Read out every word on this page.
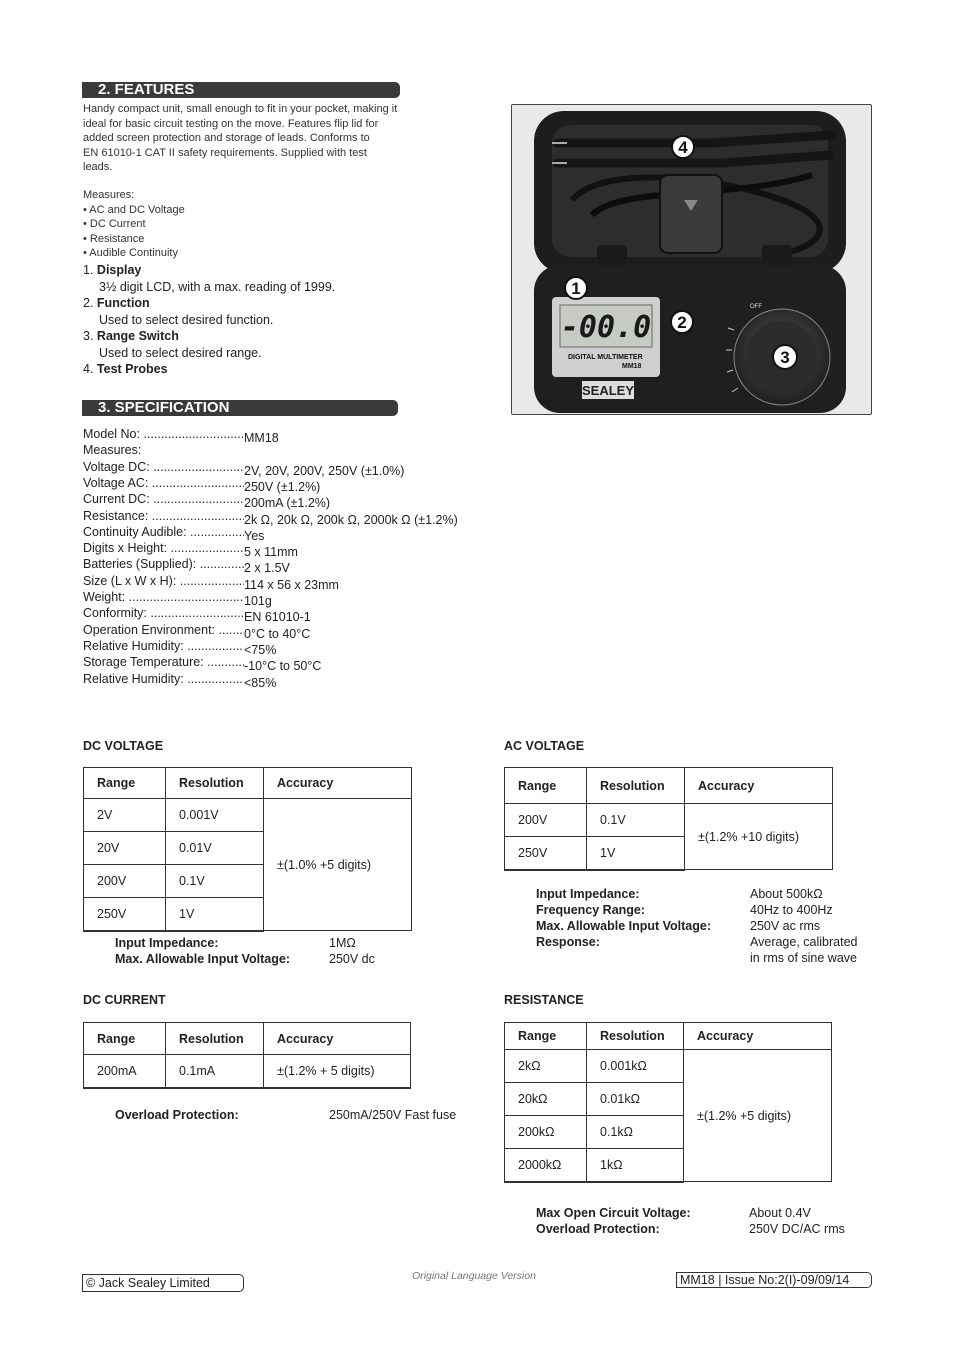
2. FEATURES
Handy compact unit, small enough to fit in your pocket, making it
ideal for basic circuit testing on the move. Features flip lid for
added screen protection and storage of leads. Conforms to
EN 61010-1 CAT II safety requirements. Supplied with test
leads.
Measures:
• AC and DC Voltage
• DC Current
• Resistance
• Audible Continuity
1. Display
3½ digit LCD, with a max. reading of 1999.
2. Function
Used to select desired function.
3. Range Switch
Used to select desired range.
4. Test Probes
-00.0
DIGITAL MULTIMETER
MM18
SEALEY
OFF
1
2
3
4
3. SPECIFICATION
Model No: .....	MM18
Measures:
Voltage DC: .....	2V, 20V, 200V, 250V (±1.0%)
Voltage AC: .....	250V (±1.2%)
Current DC: .....	200mA (±1.2%)
Resistance: .....	2k Ω, 20k Ω, 200k Ω, 2000k Ω (±1.2%)
Continuity Audible: .....	Yes
Digits x Height: .....	5 x 11mm
Batteries (Supplied): .....	2 x 1.5V
Size (L x W x H): .....	114 x 56 x 23mm
Weight: .....	101g
Conformity: .....	EN 61010-1
Operation Environment: ..... 0°C to 40°C
Relative Humidity: .....	<75%
Storage Temperature: .....	-10°C to 50°C
Relative Humidity: .....	<85%
DC VOLTAGE
Range	Resolution	Accuracy
2V	0.001V	±(1.0% +5 digits)
20V	0.01V	
200V	0.1V	
250V	1V	
Input Impedance:	1MΩ
Max. Allowable Input Voltage:	250V dc
AC VOLTAGE
Range	Resolution	Accuracy
200V	0.1V	±(1.2% +10 digits)
250V	1V	
Input Impedance:	About 500kΩ
Frequency Range:	40Hz to 400Hz
Max. Allowable Input Voltage:	250V ac rms
Response:	Average, calibrated
in rms of sine wave
DC CURRENT
Range	Resolution	Accuracy
200mA	0.1mA	±(1.2% + 5 digits)
Overload Protection:	250mA/250V Fast fuse
RESISTANCE
Range	Resolution	Accuracy
2kΩ	0.001kΩ	±(1.2% +5 digits)
20kΩ	0.01kΩ	
200kΩ	0.1kΩ	
2000kΩ	1kΩ	
Max Open Circuit Voltage:	About 0.4V
Overload Protection:	250V DC/AC rms
© Jack Sealey Limited	Original Language Version	MM18 | Issue No:2(I)-09/09/14
